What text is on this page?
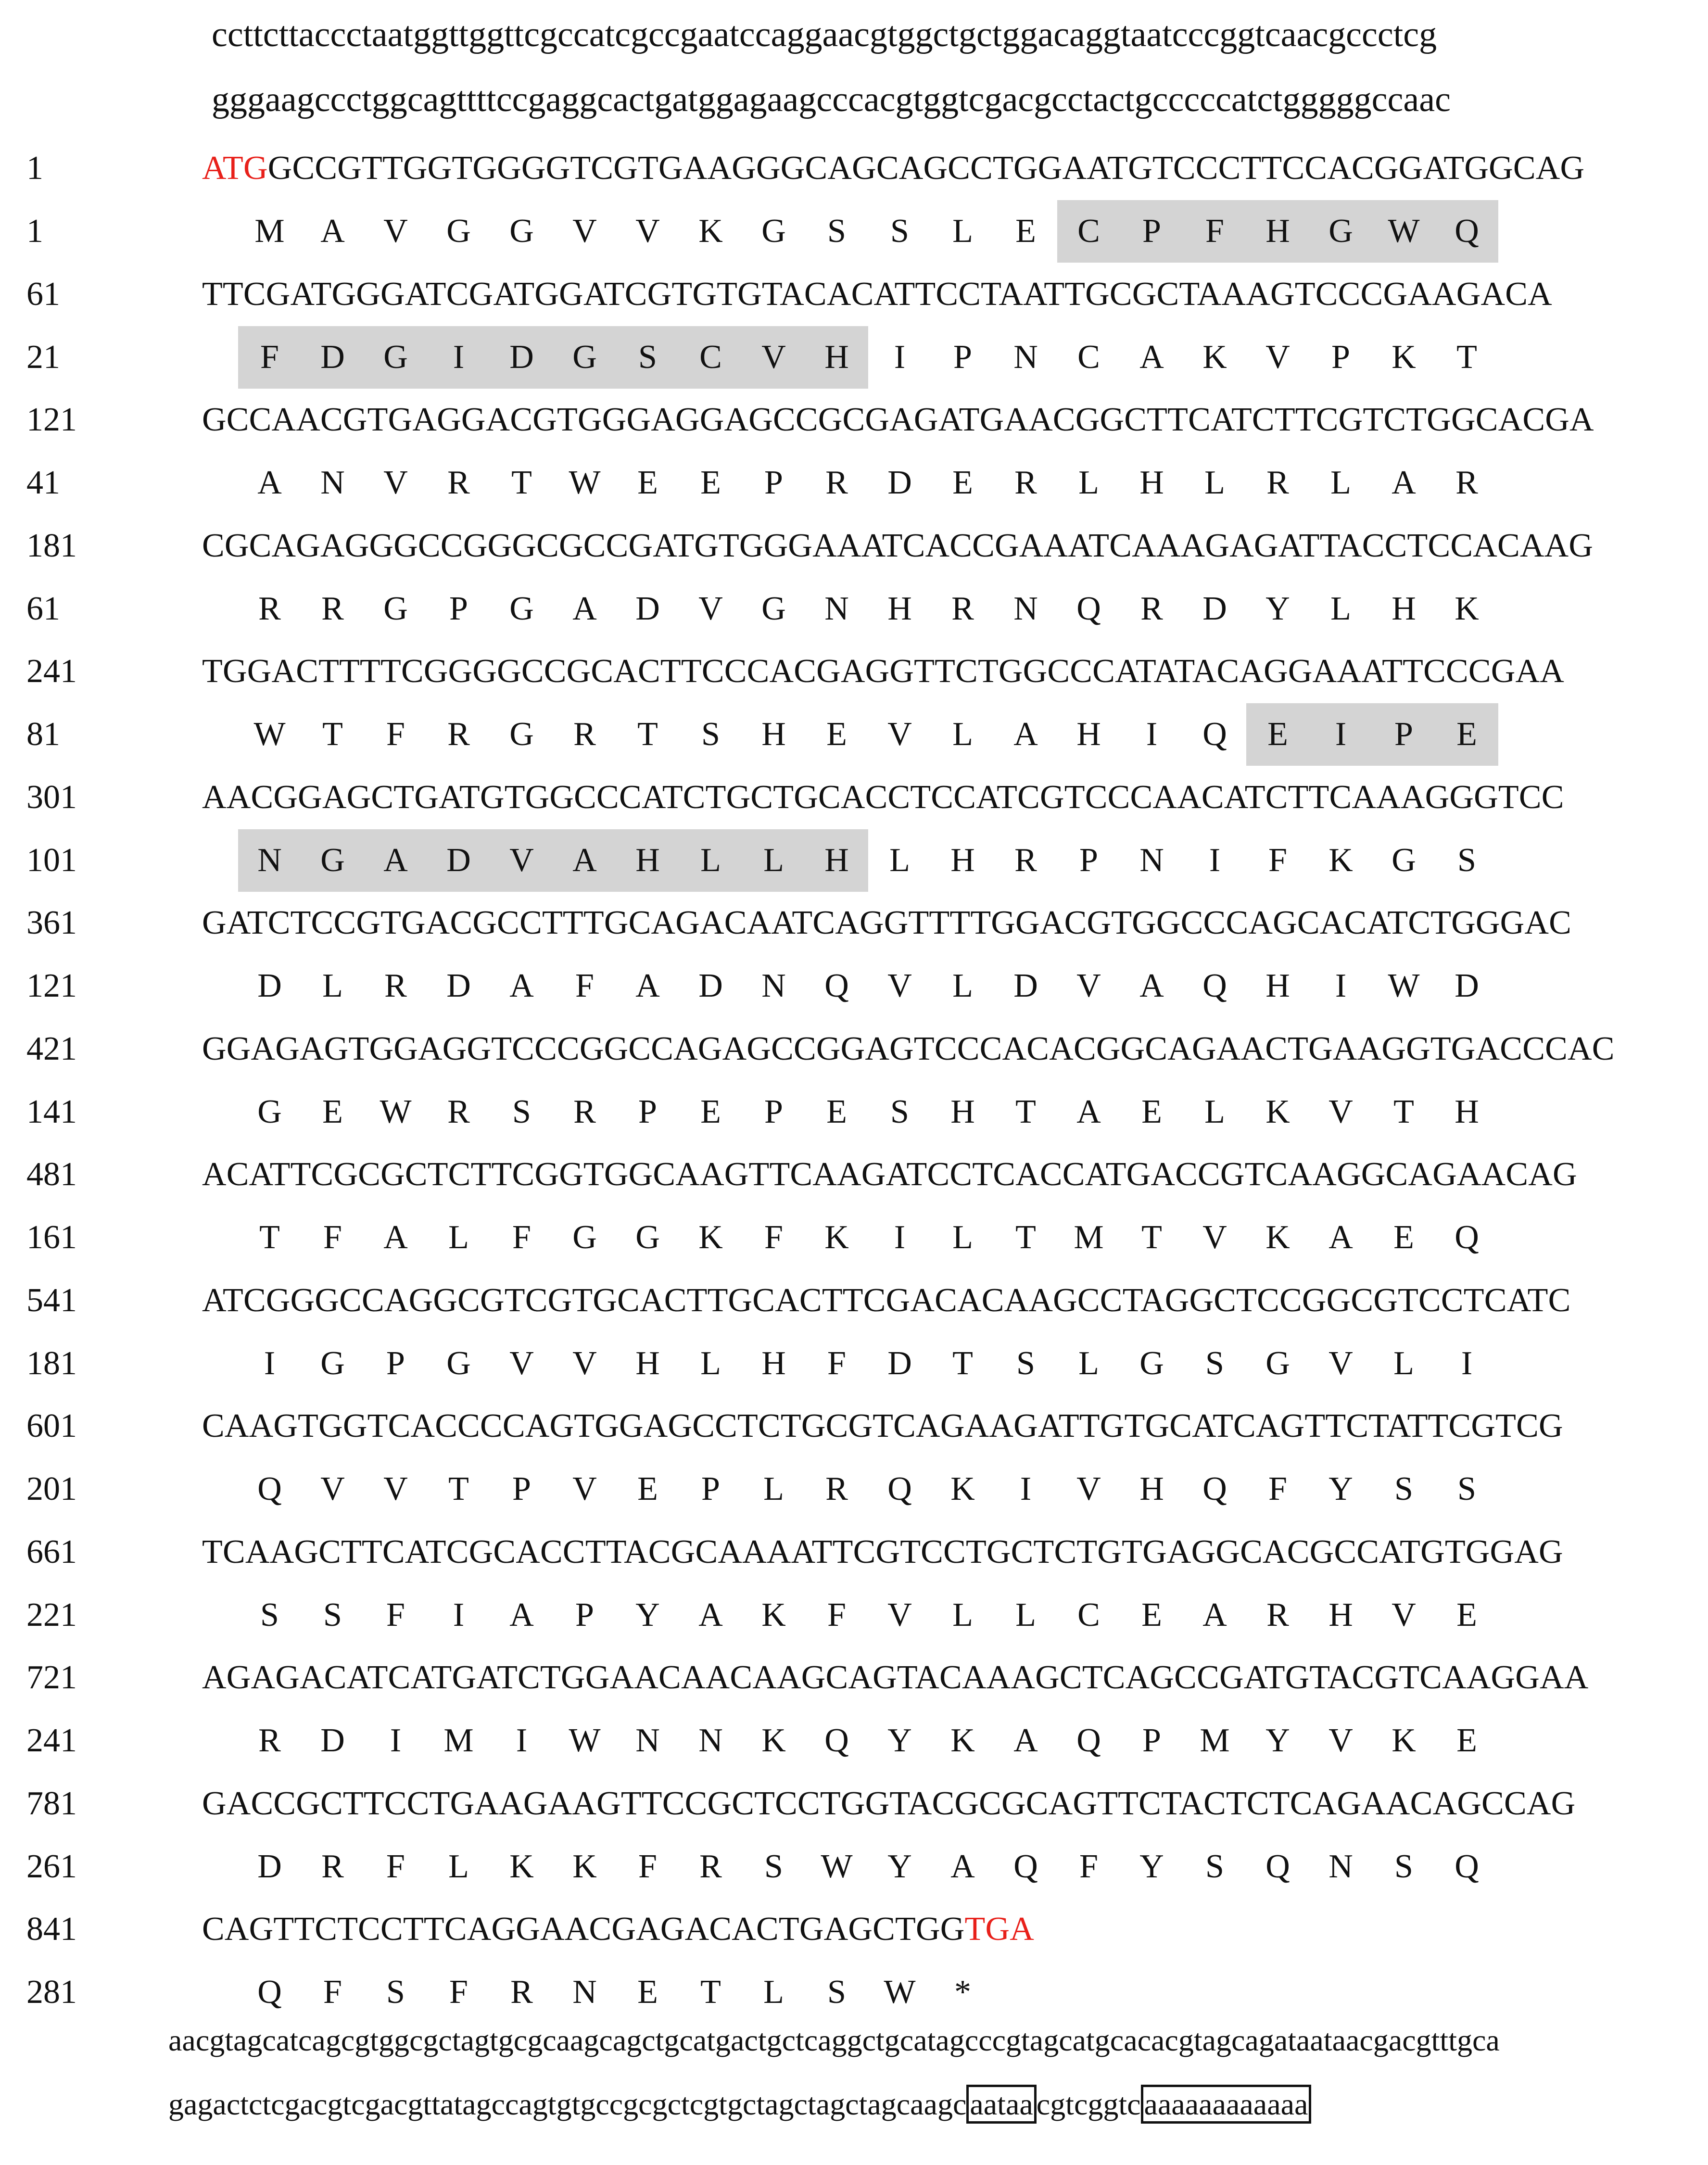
ccttcttaccctaatggttggttcgccatcgccgaatccaggaacgtggctgctggacaggtaatcccggtcaacgccctcg
gggaagccctggcagttttccgaggcactgatggagaagcccacgtggtcgacgcctactgcccccatctgggggccaac
1	ATGGCCGTTGGTGGGGTCGTGAAGGGCAGCAGCCTGGAATGTCCCTTCCACGGATGGCAG
1	M	A	V	G	G	V	V	K	G	S	S	L	E	C	P	F	H	G	W	Q
61	TTCGATGGGATCGATGGATCGTGTGTACACATTCCTAATTGCGCTAAAGTCCCGAAGACA
21	F	D	G	I	D	G	S	C	V	H	I	P	N	C	A	K	V	P	K	T
121	GCCAACGTGAGGACGTGGGAGGAGCCGCGAGATGAACGGCTTCATCTTCGTCTGGCACGA
41	A	N	V	R	T	W	E	E	P	R	D	E	R	L	H	L	R	L	A	R
181	CGCAGAGGGCCGGGCGCCGATGTGGGAAATCACCGAAATCAAAGAGATTACCTCCACAAG
61	R	R	G	P	G	A	D	V	G	N	H	R	N	Q	R	D	Y	L	H	K
241	TGGACTTTTCGGGGCCGCACTTCCCACGAGGTTCTGGCCCATATACAGGAAATTCCCGAA
81	W	T	F	R	G	R	T	S	H	E	V	L	A	H	I	Q	E	I	P	E
301	AACGGAGCTGATGTGGCCCATCTGCTGCACCTCCATCGTCCCAACATCTTCAAAGGGTCC
101	N	G	A	D	V	A	H	L	L	H	L	H	R	P	N	I	F	K	G	S
361	GATCTCCGTGACGCCTTTGCAGACAATCAGGTTTTGGACGTGGCCCAGCACATCTGGGAC
121	D	L	R	D	A	F	A	D	N	Q	V	L	D	V	A	Q	H	I	W	D
421	GGAGAGTGGAGGTCCCGGCCAGAGCCGGAGTCCCACACGGCAGAACTGAAGGTGACCCAC
141	G	E	W	R	S	R	P	E	P	E	S	H	T	A	E	L	K	V	T	H
481	ACATTCGCGCTCTTCGGTGGCAAGTTCAAGATCCTCACCATGACCGTCAAGGCAGAACAG
161	T	F	A	L	F	G	G	K	F	K	I	L	T	M	T	V	K	A	E	Q
541	ATCGGGCCAGGCGTCGTGCACTTGCACTTCGACACAAGCCTAGGCTCCGGCGTCCTCATC
181	I	G	P	G	V	V	H	L	H	F	D	T	S	L	G	S	G	V	L	I
601	CAAGTGGTCACCCCAGTGGAGCCTCTGCGTCAGAAGATTGTGCATCAGTTCTATTCGTCG
201	Q	V	V	T	P	V	E	P	L	R	Q	K	I	V	H	Q	F	Y	S	S
661	TCAAGCTTCATCGCACCTTACGCAAAATTCGTCCTGCTCTGTGAGGCACGCCATGTGGAG
221	S	S	F	I	A	P	Y	A	K	F	V	L	L	C	E	A	R	H	V	E
721	AGAGACATCATGATCTGGAACAACAAGCAGTACAAAGCTCAGCCGATGTACGTCAAGGAA
241	R	D	I	M	I	W	N	N	K	Q	Y	K	A	Q	P	M	Y	V	K	E
781	GACCGCTTCCTGAAGAAGTTCCGCTCCTGGTACGCGCAGTTCTACTCTCAGAACAGCCAG
261	D	R	F	L	K	K	F	R	S	W	Y	A	Q	F	Y	S	Q	N	S	Q
841	CAGTTCTCCTTCAGGAACGAGACACTGAGCTGGTGA
281	Q	F	S	F	R	N	E	T	L	S	W	*
aacgtagcatcagcgtggcgctagtgcgcaagcagctgcatgactgctcaggctgcatagcccgtagcatgcacacgtagcagataataacgacgtttgca
gagactctcgacgtcgacgttatagccagtgtgccgcgctcgtgctagctagctagcaagc aataa cgtcggtc aaaaaaaaaaaa
